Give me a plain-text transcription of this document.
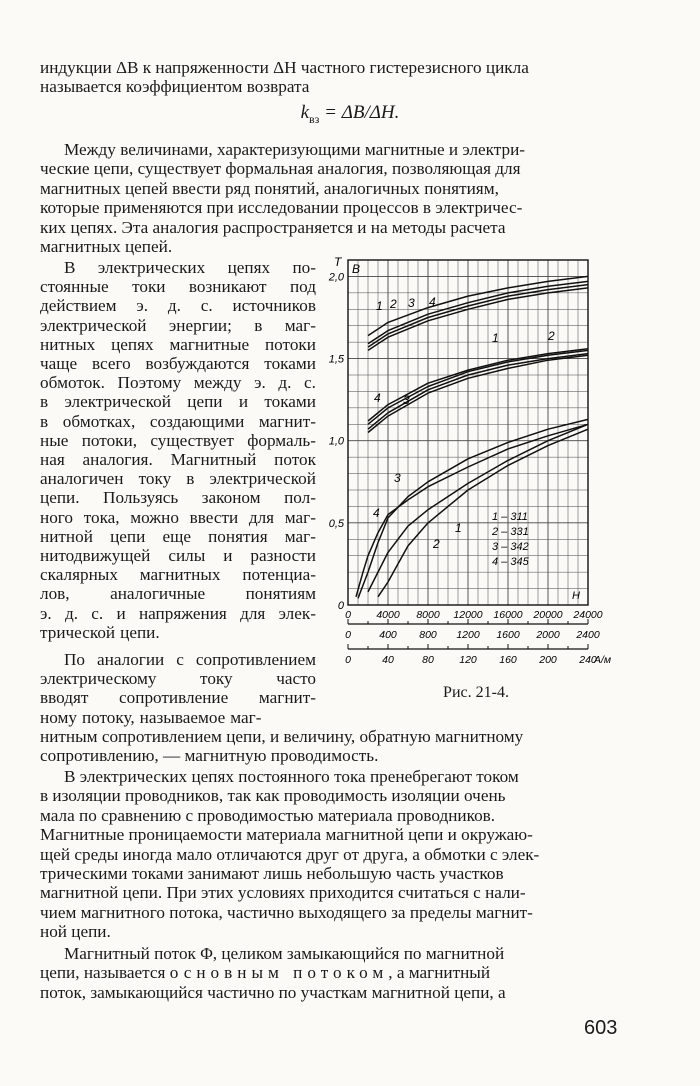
индукции ΔB к напряженности ΔH частного гистерезисного цикла
называется коэффициентом возврата

$k_{вз} = \Delta B/\Delta H$.

Между величинами, характеризующими магнитные и электри-
ческие цепи, существует формальная аналогия, позволяющая для
магнитных цепей ввести ряд понятий, аналогичных понятиям,
которые применяются при исследовании процессов в электричес-
ких цепях. Эта аналогия распространяется и на методы расчета
магнитных цепей.

В электрических цепях по-
стоянные токи возникают под
действием э. д. с. источников
электрической энергии; в маг-
нитных цепях магнитные потоки
чаще всего возбуждаются токами
обмоток. Поэтому между э. д. с.
в электрической цепи и токами
в обмотках, создающими магнит-
ные потоки, существует формаль-
ная аналогия. Магнитный поток
аналогичен току в электрической
цепи. Пользуясь законом пол-
ного тока, можно ввести для маг-
нитной цепи еще понятия маг-
нитодвижущей силы и разности
скалярных магнитных потенциа-
лов, аналогичные понятиям
э. д. с. и напряжения для элек-
трической цепи.
По аналогии с сопротивлением
электрическому	току	часто
вводят сопротивление магнит-
ному потоку, называемое маг-

нитным сопротивлением цепи, и величину, обратную магнитному
сопротивлению, — магнитную проводимость.

В электрических цепях постоянного тока пренебрегают током
в изоляции проводников, так как проводимость изоляции очень
мала по сравнению с проводимостью материала проводников.
Магнитные проницаемости материала магнитной цепи и окружаю-
щей среды иногда мало отличаются друг от друга, а обмотки с элек-
трическими токами занимают лишь небольшую часть участков
магнитной цепи. При этих условиях приходится считаться с нали-
чием магнитного потока, частично выходящего за пределы магнит-
ной цепи.

Магнитный поток Φ, целиком замыкающийся по магнитной
цепи, называется основным потоком, а магнитный
поток, замыкающийся частично по участкам магнитной цепи, а

0
0,5
1,0
1,5
2,0
Т B
H
0 4000 8000 12000 16000 20000 24000
0	400 800 1200 1600 2000 2400
0	40	80 120 160 200 240
A/м
1 2 3 4
1	2
4 3
3
4
1
2
1 – 311
2 – 331
3 – 342
4 – 345
Рис. 21-4.
603
